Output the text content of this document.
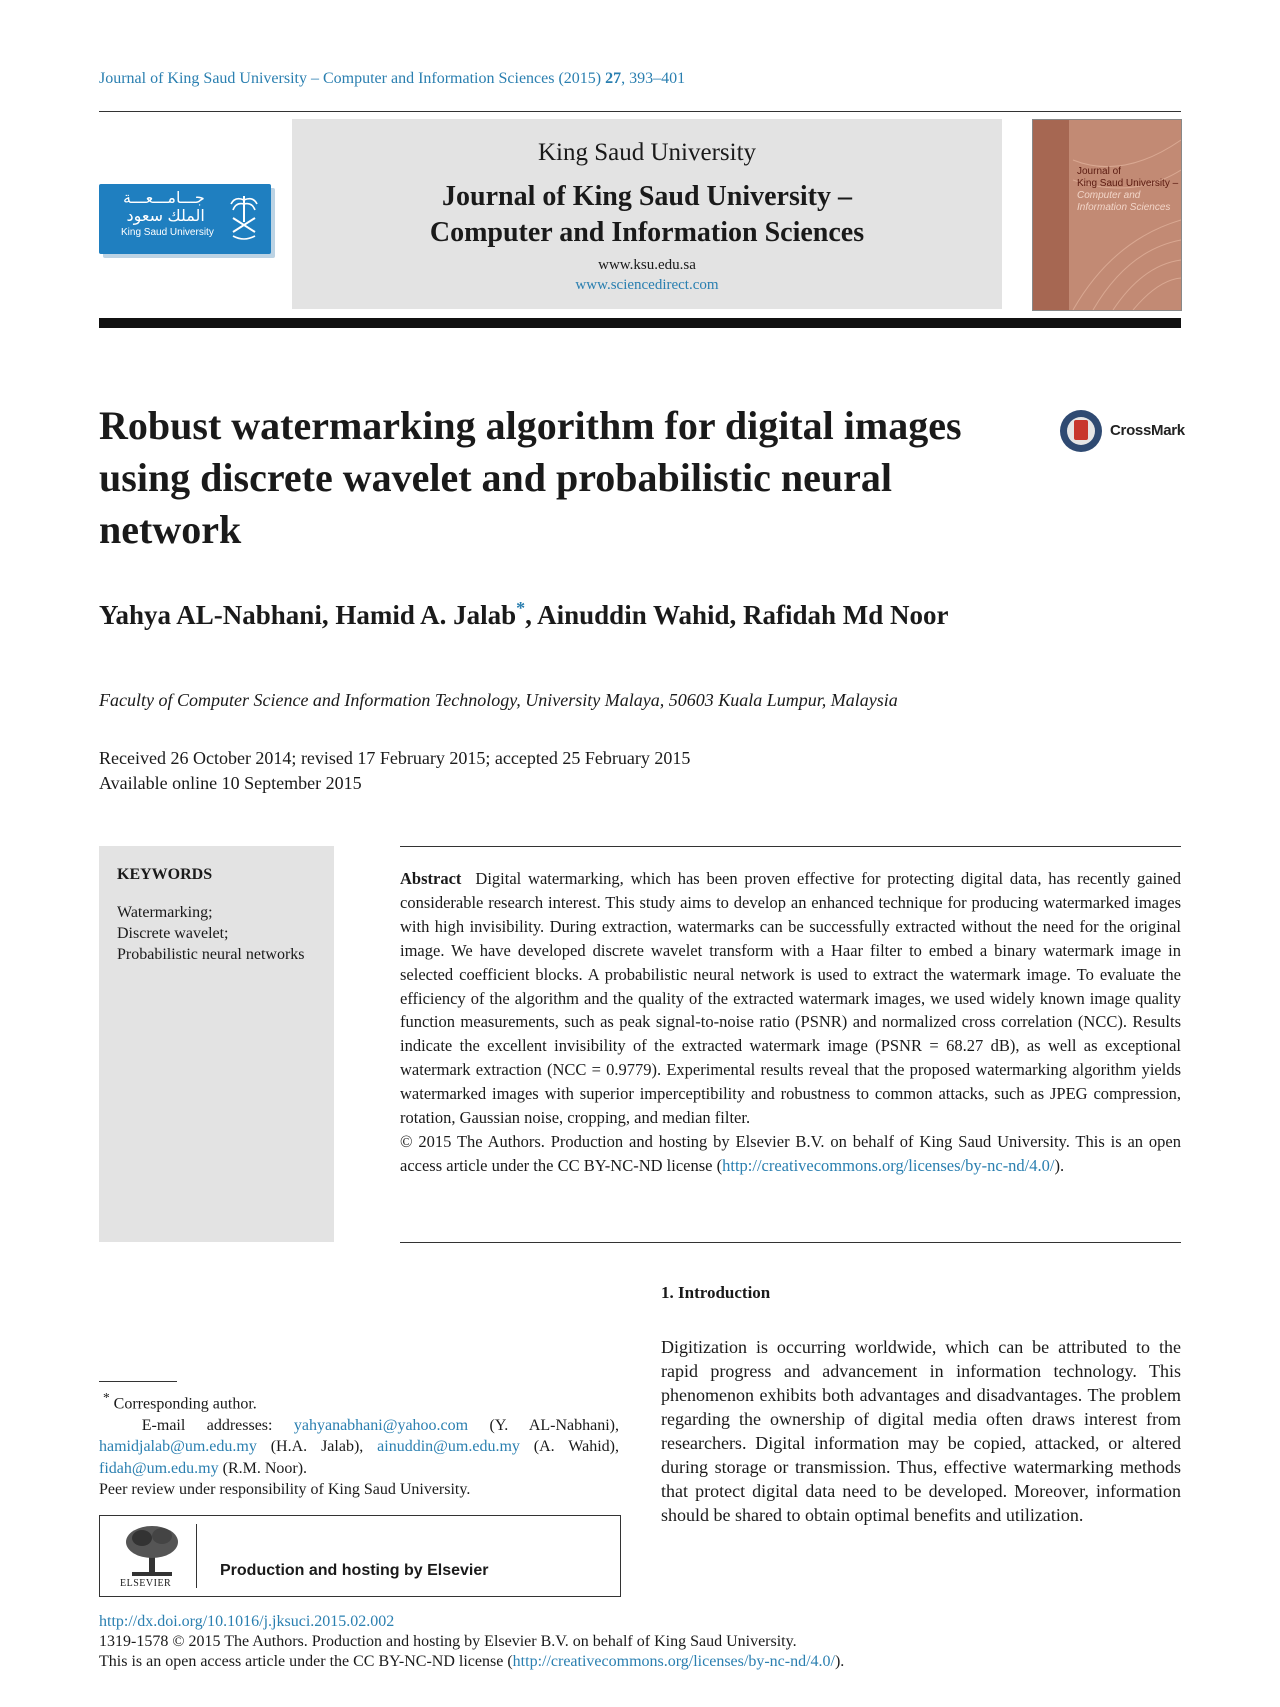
Journal of King Saud University – Computer and Information Sciences (2015) 27, 393–401
جـــامـــعـــة
الملك سعود
King Saud University
King Saud University
Journal of King Saud University –
Computer and Information Sciences
www.ksu.edu.sa
www.sciencedirect.com
Journal of
King Saud University –
Computer and
Information Sciences
Robust watermarking algorithm for digital images using discrete wavelet and probabilistic neural network
CrossMark
Yahya AL-Nabhani, Hamid A. Jalab*, Ainuddin Wahid, Rafidah Md Noor
Faculty of Computer Science and Information Technology, University Malaya, 50603 Kuala Lumpur, Malaysia
Received 26 October 2014; revised 17 February 2015; accepted 25 February 2015
Available online 10 September 2015
KEYWORDS
Watermarking;
Discrete wavelet;
Probabilistic neural networks
Abstract Digital watermarking, which has been proven effective for protecting digital data, has recently gained considerable research interest. This study aims to develop an enhanced technique for producing watermarked images with high invisibility. During extraction, watermarks can be successfully extracted without the need for the original image. We have developed discrete wavelet transform with a Haar filter to embed a binary watermark image in selected coefficient blocks. A probabilistic neural network is used to extract the watermark image. To evaluate the efficiency of the algorithm and the quality of the extracted watermark images, we used widely known image quality function measurements, such as peak signal-to-noise ratio (PSNR) and normalized cross correlation (NCC). Results indicate the excellent invisibility of the extracted watermark image (PSNR = 68.27 dB), as well as exceptional watermark extraction (NCC = 0.9779). Experimental results reveal that the proposed watermarking algorithm yields watermarked images with superior imperceptibility and robustness to common attacks, such as JPEG compression, rotation, Gaussian noise, cropping, and median filter.
© 2015 The Authors. Production and hosting by Elsevier B.V. on behalf of King Saud University. This is an open access article under the CC BY-NC-ND license (http://creativecommons.org/licenses/by-nc-nd/4.0/).
1. Introduction
Digitization is occurring worldwide, which can be attributed to the rapid progress and advancement in information technology. This phenomenon exhibits both advantages and disadvantages. The problem regarding the ownership of digital media often draws interest from researchers. Digital information may be copied, attacked, or altered during storage or transmission. Thus, effective watermarking methods that protect digital data need to be developed. Moreover, information should be shared to obtain optimal benefits and utilization.
* Corresponding author.
E-mail addresses: yahyanabhani@yahoo.com (Y. AL-Nabhani), hamidjalab@um.edu.my (H.A. Jalab), ainuddin@um.edu.my (A. Wahid), fidah@um.edu.my (R.M. Noor).
Peer review under responsibility of King Saud University.
ELSEVIER
Production and hosting by Elsevier
http://dx.doi.org/10.1016/j.jksuci.2015.02.002
1319-1578 © 2015 The Authors. Production and hosting by Elsevier B.V. on behalf of King Saud University.
This is an open access article under the CC BY-NC-ND license (http://creativecommons.org/licenses/by-nc-nd/4.0/).
